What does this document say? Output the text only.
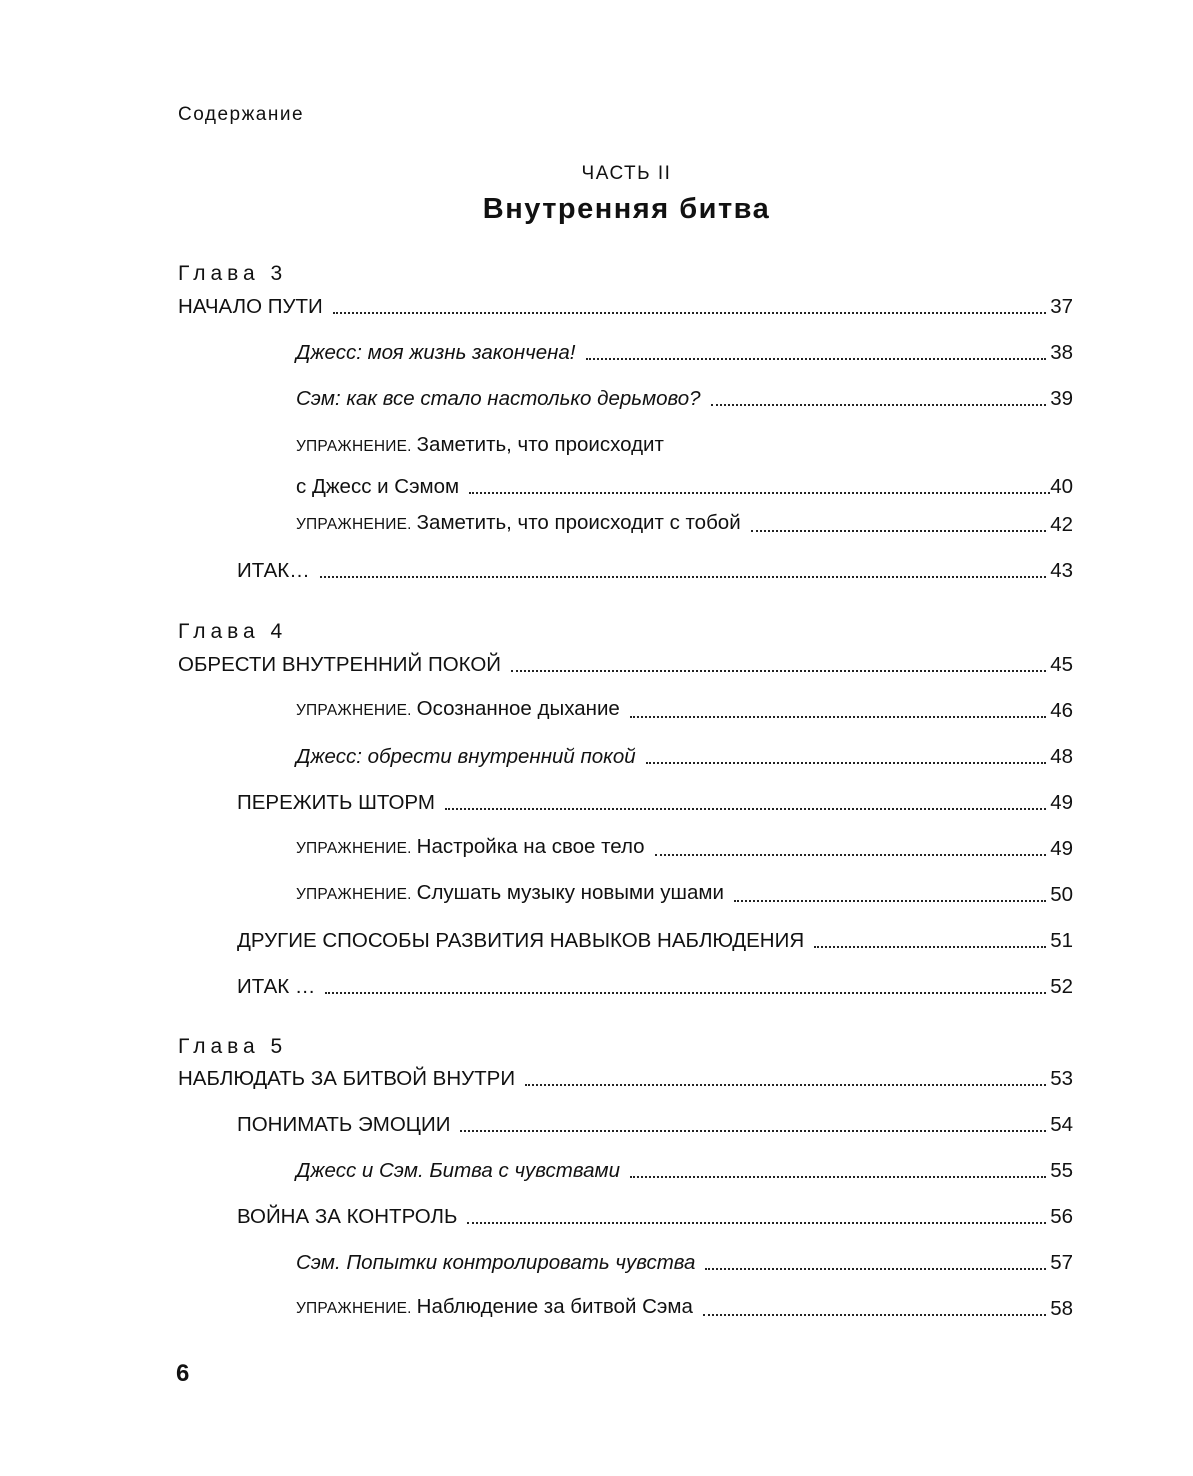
Содержание
ЧАСТЬ II
Внутренняя битва
Глава 3
НАЧАЛО ПУТИ	37
Джесс: моя жизнь закончена!	38
Сэм: как все стало настолько дерьмово?	39
УПРАЖНЕНИЕ. Заметить, что происходит
с Джесс и Сэмом	40
УПРАЖНЕНИЕ. Заметить, что происходит с тобой	42
ИТАК…	43
Глава 4
ОБРЕСТИ ВНУТРЕННИЙ ПОКОЙ	45
УПРАЖНЕНИЕ. Осознанное дыхание	46
Джесс: обрести внутренний покой	48
ПЕРЕЖИТЬ ШТОРМ	49
УПРАЖНЕНИЕ. Настройка на свое тело	49
УПРАЖНЕНИЕ. Слушать музыку новыми ушами	50
ДРУГИЕ СПОСОБЫ РАЗВИТИЯ НАВЫКОВ НАБЛЮДЕНИЯ	51
ИТАК …	52
Глава 5
НАБЛЮДАТЬ ЗА БИТВОЙ ВНУТРИ	53
ПОНИМАТЬ ЭМОЦИИ	54
Джесс и Сэм. Битва с чувствами	55
ВОЙНА ЗА КОНТРОЛЬ	56
Сэм. Попытки контролировать чувства	57
УПРАЖНЕНИЕ. Наблюдение за битвой Сэма	58
6
